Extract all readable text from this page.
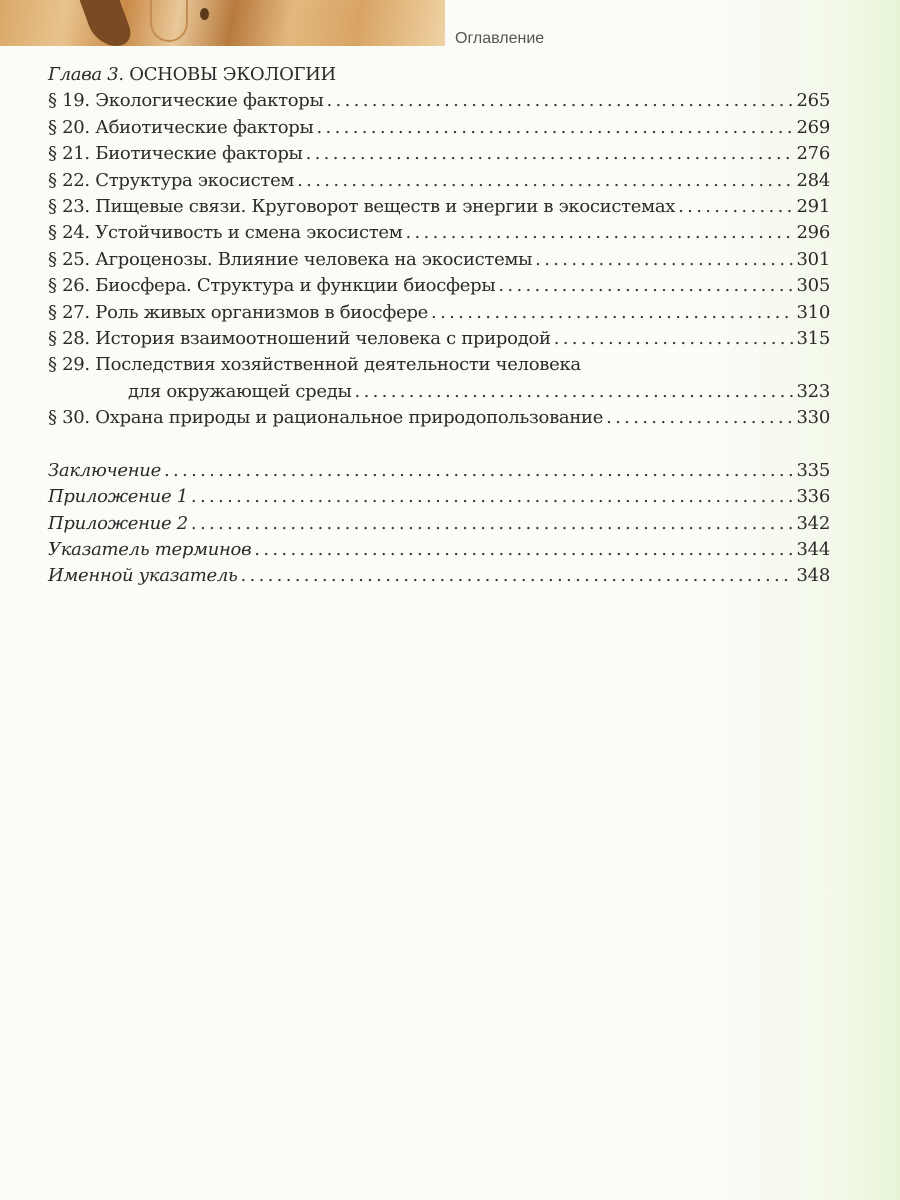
Оглавление
Глава 3.
ОСНОВЫ ЭКОЛОГИИ
§ 19. Экологические факторы . . .	265
§ 20. Абиотические факторы . . .	269
§ 21. Биотические факторы . . .	276
§ 22. Структура экосистем . . .	284
§ 23. Пищевые связи. Круговорот веществ и энергии в экосистемах . . .	291
§ 24. Устойчивость и смена экосистем . . .	296
§ 25. Агроценозы. Влияние человека на экосистемы . . .	301
§ 26. Биосфера. Структура и функции биосферы . . .	305
§ 27. Роль живых организмов в биосфере . . .	310
§ 28. История взаимоотношений человека с природой . . .	315
§ 29. Последствия хозяйственной деятельности человека
для окружающей среды . . .	323
§ 30. Охрана природы и рациональное природопользование . . .	330
Заключение . . .	335
Приложение 1 . . .	336
Приложение 2 . . .	342
Указатель терминов . . .	344
Именной указатель . . .	348
